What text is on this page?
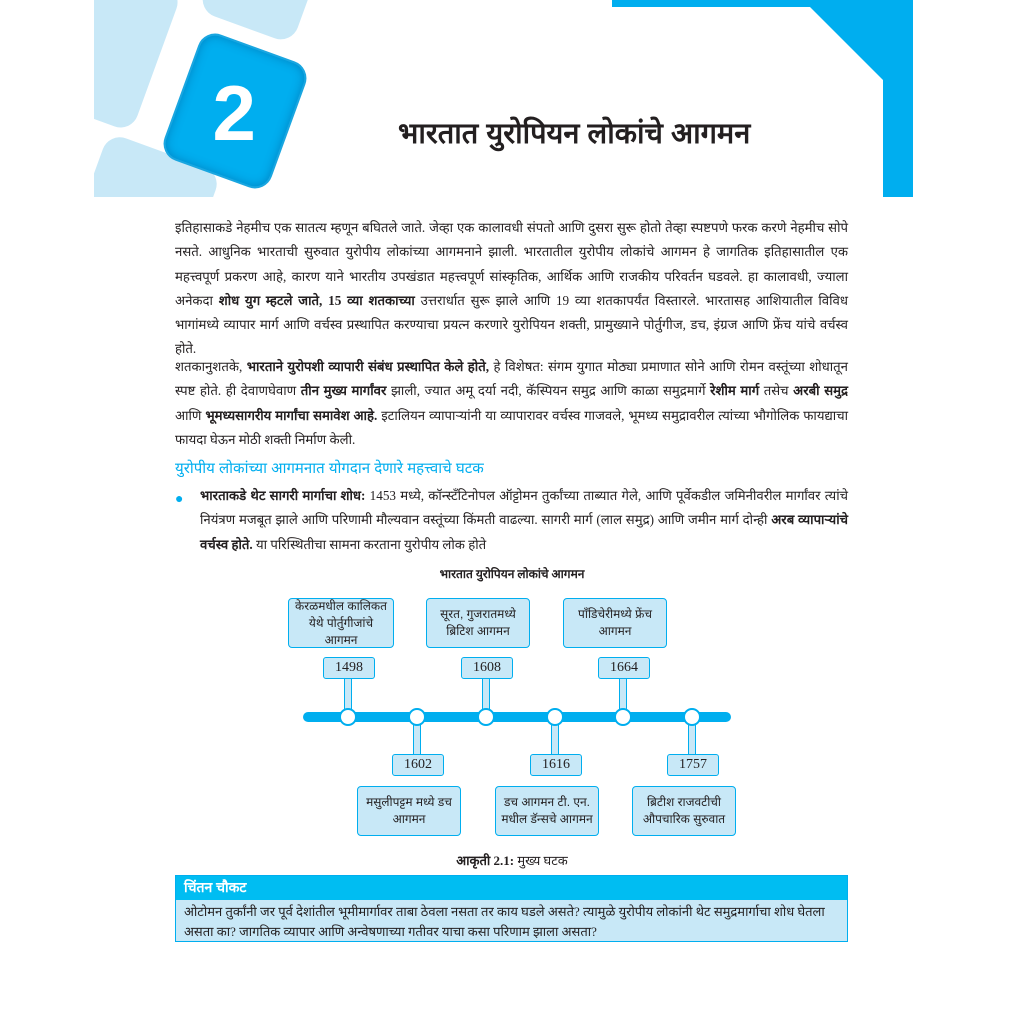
2	भारतात युरोपियन लोकांचे आगमन
इतिहासाकडे नेहमीच एक सातत्य म्हणून बघितले जाते. जेव्हा एक कालावधी संपतो आणि दुसरा सुरू होतो तेव्हा स्पष्टपणे फरक करणे नेहमीच सोपे नसते. आधुनिक भारताची सुरुवात युरोपीय लोकांच्या आगमनाने झाली. भारतातील युरोपीय लोकांचे आगमन हे जागतिक इतिहासातील एक महत्त्वपूर्ण प्रकरण आहे, कारण याने भारतीय उपखंडात महत्त्वपूर्ण सांस्कृतिक, आर्थिक आणि राजकीय परिवर्तन घडवले. हा कालावधी, ज्याला अनेकदा शोध युग म्हटले जाते, 15 व्या शतकाच्या उत्तरार्धात सुरू झाले आणि 19 व्या शतकापर्यंत विस्तारले. भारतासह आशियातील विविध भागांमध्ये व्यापार मार्ग आणि वर्चस्व प्रस्थापित करण्याचा प्रयत्न करणारे युरोपियन शक्ती, प्रामुख्याने पोर्तुगीज, डच, इंग्रज आणि फ्रेंच यांचे वर्चस्व होते.
शतकानुशतके, भारताने युरोपशी व्यापारी संबंध प्रस्थापित केले होते, हे विशेषत: संगम युगात मोठ्या प्रमाणात सोने आणि रोमन वस्तूंच्या शोधातून स्पष्ट होते. ही देवाणघेवाण तीन मुख्य मार्गांवर झाली, ज्यात अमू दर्या नदी, कॅस्पियन समुद्र आणि काळा समुद्रमार्गे रेशीम मार्ग तसेच अरबी समुद्र आणि भूमध्यसागरीय मार्गांचा समावेश आहे. इटालियन व्यापाऱ्यांनी या व्यापारावर वर्चस्व गाजवले, भूमध्य समुद्रावरील त्यांच्या भौगोलिक फायद्याचा फायदा घेऊन मोठी शक्ती निर्माण केली.
युरोपीय लोकांच्या आगमनात योगदान देणारे महत्त्वाचे घटक
● भारताकडे थेट सागरी मार्गाचा शोध: 1453 मध्ये, कॉन्स्टँटिनोपल ऑट्टोमन तुर्कांच्या ताब्यात गेले, आणि पूर्वेकडील जमिनीवरील मार्गांवर त्यांचे नियंत्रण मजबूत झाले आणि परिणामी मौल्यवान वस्तूंच्या किंमती वाढल्या. सागरी मार्ग (लाल समुद्र) आणि जमीन मार्ग दोन्ही अरब व्यापाऱ्यांचे वर्चस्व होते. या परिस्थितीचा सामना करताना युरोपीय लोक होते
भारतात युरोपियन लोकांचे आगमन
1498
केरळमधील कालिकत येथे पोर्तुगीजांचे आगमन
1602
मसुलीपट्टम मध्ये डच आगमन
1608
सूरत, गुजरातमध्ये ब्रिटिश आगमन
1616
डच आगमन टी. एन. मधील डॅन्सचे आगमन
1664
पॉंडिचेरीमध्ये फ्रेंच आगमन
1757
ब्रिटीश राजवटीची औपचारिक सुरुवात
आकृती 2.1: मुख्य घटक
चिंतन चौकट
ओटोमन तुर्कांनी जर पूर्व देशांतील भूमीमार्गावर ताबा ठेवला नसता तर काय घडले असते? त्यामुळे युरोपीय लोकांनी थेट समुद्रमार्गाचा शोध घेतला असता का? जागतिक व्यापार आणि अन्वेषणाच्या गतीवर याचा कसा परिणाम झाला असता?
